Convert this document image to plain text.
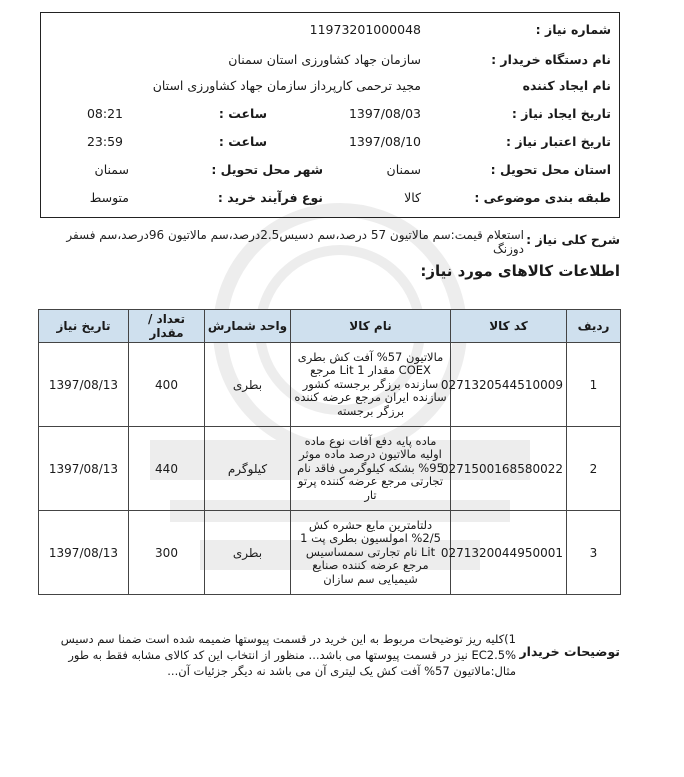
شماره نیاز :
11973201000048
نام دستگاه خریدار :
سازمان جهاد کشاورزی استان سمنان
نام ایجاد کننده
مجید ترحمی کارپرداز سازمان جهاد کشاورزی استان
تاریخ ایجاد نیاز :
1397/08/03
ساعت :
08:21
تاریخ اعتبار نیاز :
1397/08/10
ساعت :
23:59
استان محل تحویل :
سمنان
شهر محل تحویل :
سمنان
طبقه بندی موضوعی :
کالا
نوع فرآیند خرید :
متوسط
شرح کلی نیاز :
استعلام قیمت:سم مالاتیون 57 درصد،سم دسیس2.5درصد،سم مالاتیون 96درصد،سم فسفر دوزنگ
اطلاعات کالاهای مورد نیاز:
ردیف	کد کالا	نام کالا	واحد شمارش	تعداد / مقدار	تاریخ نیاز
1	0271320544510009	مالاتیون 57% آفت کش بطری COEX مقدار 1 Lit مرجع سازنده برزگر برجسته کشور سازنده ایران مرجع عرضه کننده برزگر برجسته	بطری	400	1397/08/13
2	0271500168580022	ماده پایه دفع آفات نوع ماده اولیه مالاتیون درصد ماده موثر 95% بشکه کیلوگرمی فاقد نام تجارتی مرجع عرضه کننده پرتو تار	کیلوگرم	440	1397/08/13
3	0271320044950001	دلتامترین مایع حشره کش 2/5% امولسیون بطری پت 1 Lit نام تجارتی سمساسیس مرجع عرضه کننده صنایع شیمیایی سم سازان	بطری	300	1397/08/13
توضیحات خریدار
1)کلیه ریز توضیحات مربوط به این خرید در قسمت پیوستها ضمیمه شده است ضمنا سم دسیس EC2.5% نیز در قسمت پیوستها می باشد... منظور از انتخاب این کد کالای مشابه فقط به طور مثال:مالاتیون 57% آفت کش یک لیتری آن می باشد نه دیگر جزئیات آن...
